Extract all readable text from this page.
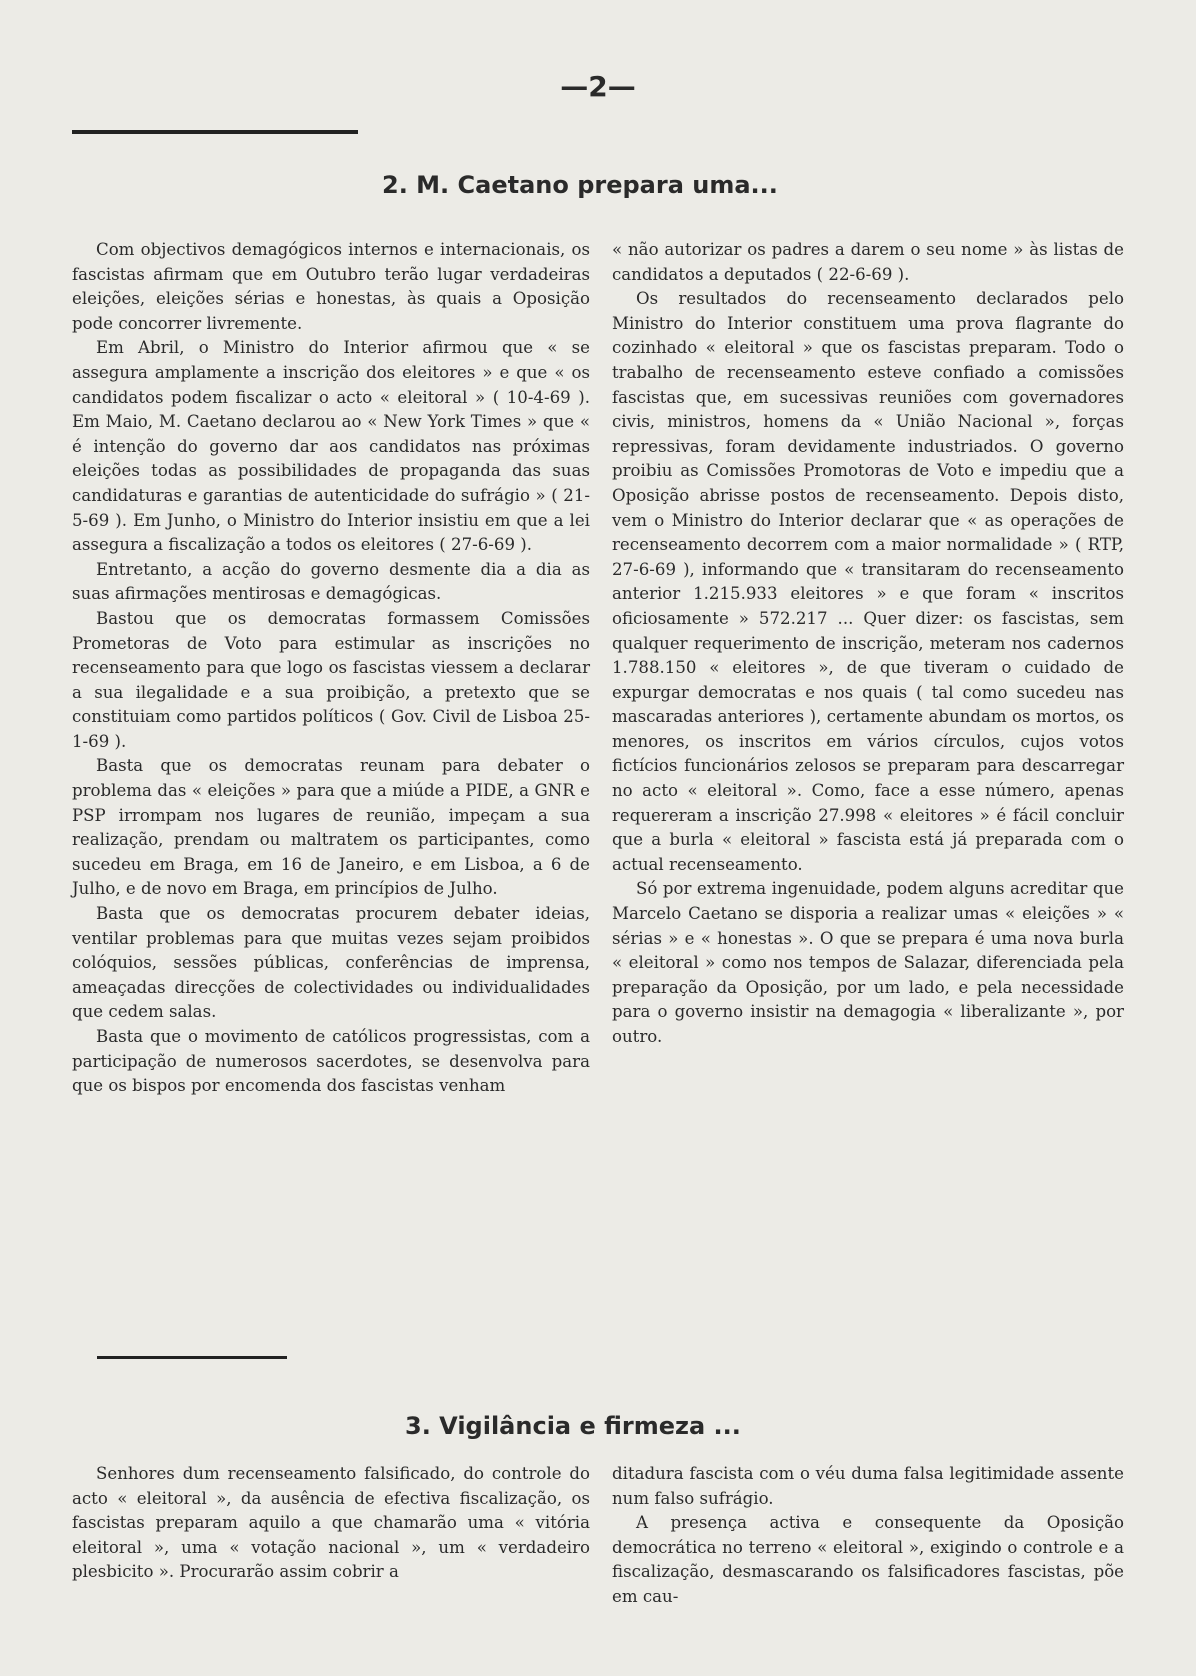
—2—
2. M. Caetano prepara uma...

Com objectivos demagógicos internos e internacionais, os fascistas afirmam que em Outubro terão lugar verdadeiras eleições, eleições sérias e honestas, às quais a Oposição pode concorrer livremente.

Em Abril, o Ministro do Interior afirmou que « se assegura amplamente a inscrição dos eleitores » e que « os candidatos podem fiscalizar o acto « eleitoral » ( 10-4-69 ). Em Maio, M. Caetano declarou ao « New York Times » que « é intenção do governo dar aos candidatos nas próximas eleições todas as possibilidades de propaganda das suas candidaturas e garantias de autenticidade do sufrágio » ( 21-5-69 ). Em Junho, o Ministro do Interior insistiu em que a lei assegura a fiscalização a todos os eleitores ( 27-6-69 ).

Entretanto, a acção do governo desmente dia a dia as suas afirmações mentirosas e demagógicas.

Bastou que os democratas formassem Comissões Prometoras de Voto para estimular as inscrições no recenseamento para que logo os fascistas viessem a declarar a sua ilegalidade e a sua proibição, a pretexto que se constituiam como partidos políticos ( Gov. Civil de Lisboa 25-1-69 ).

Basta que os democratas reunam para debater o problema das « eleições » para que a miúde a PIDE, a GNR e PSP irrompam nos lugares de reunião, impeçam a sua realização, prendam ou maltratem os participantes, como sucedeu em Braga, em 16 de Janeiro, e em Lisboa, a 6 de Julho, e de novo em Braga, em princípios de Julho.

Basta que os democratas procurem debater ideias, ventilar problemas para que muitas vezes sejam proibidos colóquios, sessões públicas, conferências de imprensa, ameaçadas direcções de colectividades ou individualidades que cedem salas.

Basta que o movimento de católicos progressistas, com a participação de numerosos sacerdotes, se desenvolva para que os bispos por encomenda dos fascistas venham

« não autorizar os padres a darem o seu nome » às listas de candidatos a deputados ( 22-6-69 ).

Os resultados do recenseamento declarados pelo Ministro do Interior constituem uma prova flagrante do cozinhado « eleitoral » que os fascistas preparam. Todo o trabalho de recenseamento esteve confiado a comissões fascistas que, em sucessivas reuniões com governadores civis, ministros, homens da « União Nacional », forças repressivas, foram devidamente industriados. O governo proibiu as Comissões Promotoras de Voto e impediu que a Oposição abrisse postos de recenseamento. Depois disto, vem o Ministro do Interior declarar que « as operações de recenseamento decorrem com a maior normalidade » ( RTP, 27-6-69 ), informando que « transitaram do recenseamento anterior 1.215.933 eleitores » e que foram « inscritos oficiosamente » 572.217 ... Quer dizer: os fascistas, sem qualquer requerimento de inscrição, meteram nos cadernos 1.788.150 « eleitores », de que tiveram o cuidado de expurgar democratas e nos quais ( tal como sucedeu nas mascaradas anteriores ), certamente abundam os mortos, os menores, os inscritos em vários círculos, cujos votos fictícios funcionários zelosos se preparam para descarregar no acto « eleitoral ». Como, face a esse número, apenas requereram a inscrição 27.998 « eleitores » é fácil concluir que a burla « eleitoral » fascista está já preparada com o actual recenseamento.

Só por extrema ingenuidade, podem alguns acreditar que Marcelo Caetano se disporia a realizar umas « eleições » « sérias » e « honestas ». O que se prepara é uma nova burla « eleitoral » como nos tempos de Salazar, diferenciada pela preparação da Oposição, por um lado, e pela necessidade para o governo insistir na demagogia « liberalizante », por outro.

3. Vigilância e firmeza ...

Senhores dum recenseamento falsificado, do controle do acto « eleitoral », da ausência de efectiva fiscalização, os fascistas preparam aquilo a que chamarão uma « vitória eleitoral », uma « votação nacional », um « verdadeiro plesbicito ». Procurarão assim cobrir a

ditadura fascista com o véu duma falsa legitimidade assente num falso sufrágio.

A presença activa e consequente da Oposição democrática no terreno « eleitoral », exigindo o controle e a fiscalização, desmascarando os falsificadores fascistas, põe em cau-
